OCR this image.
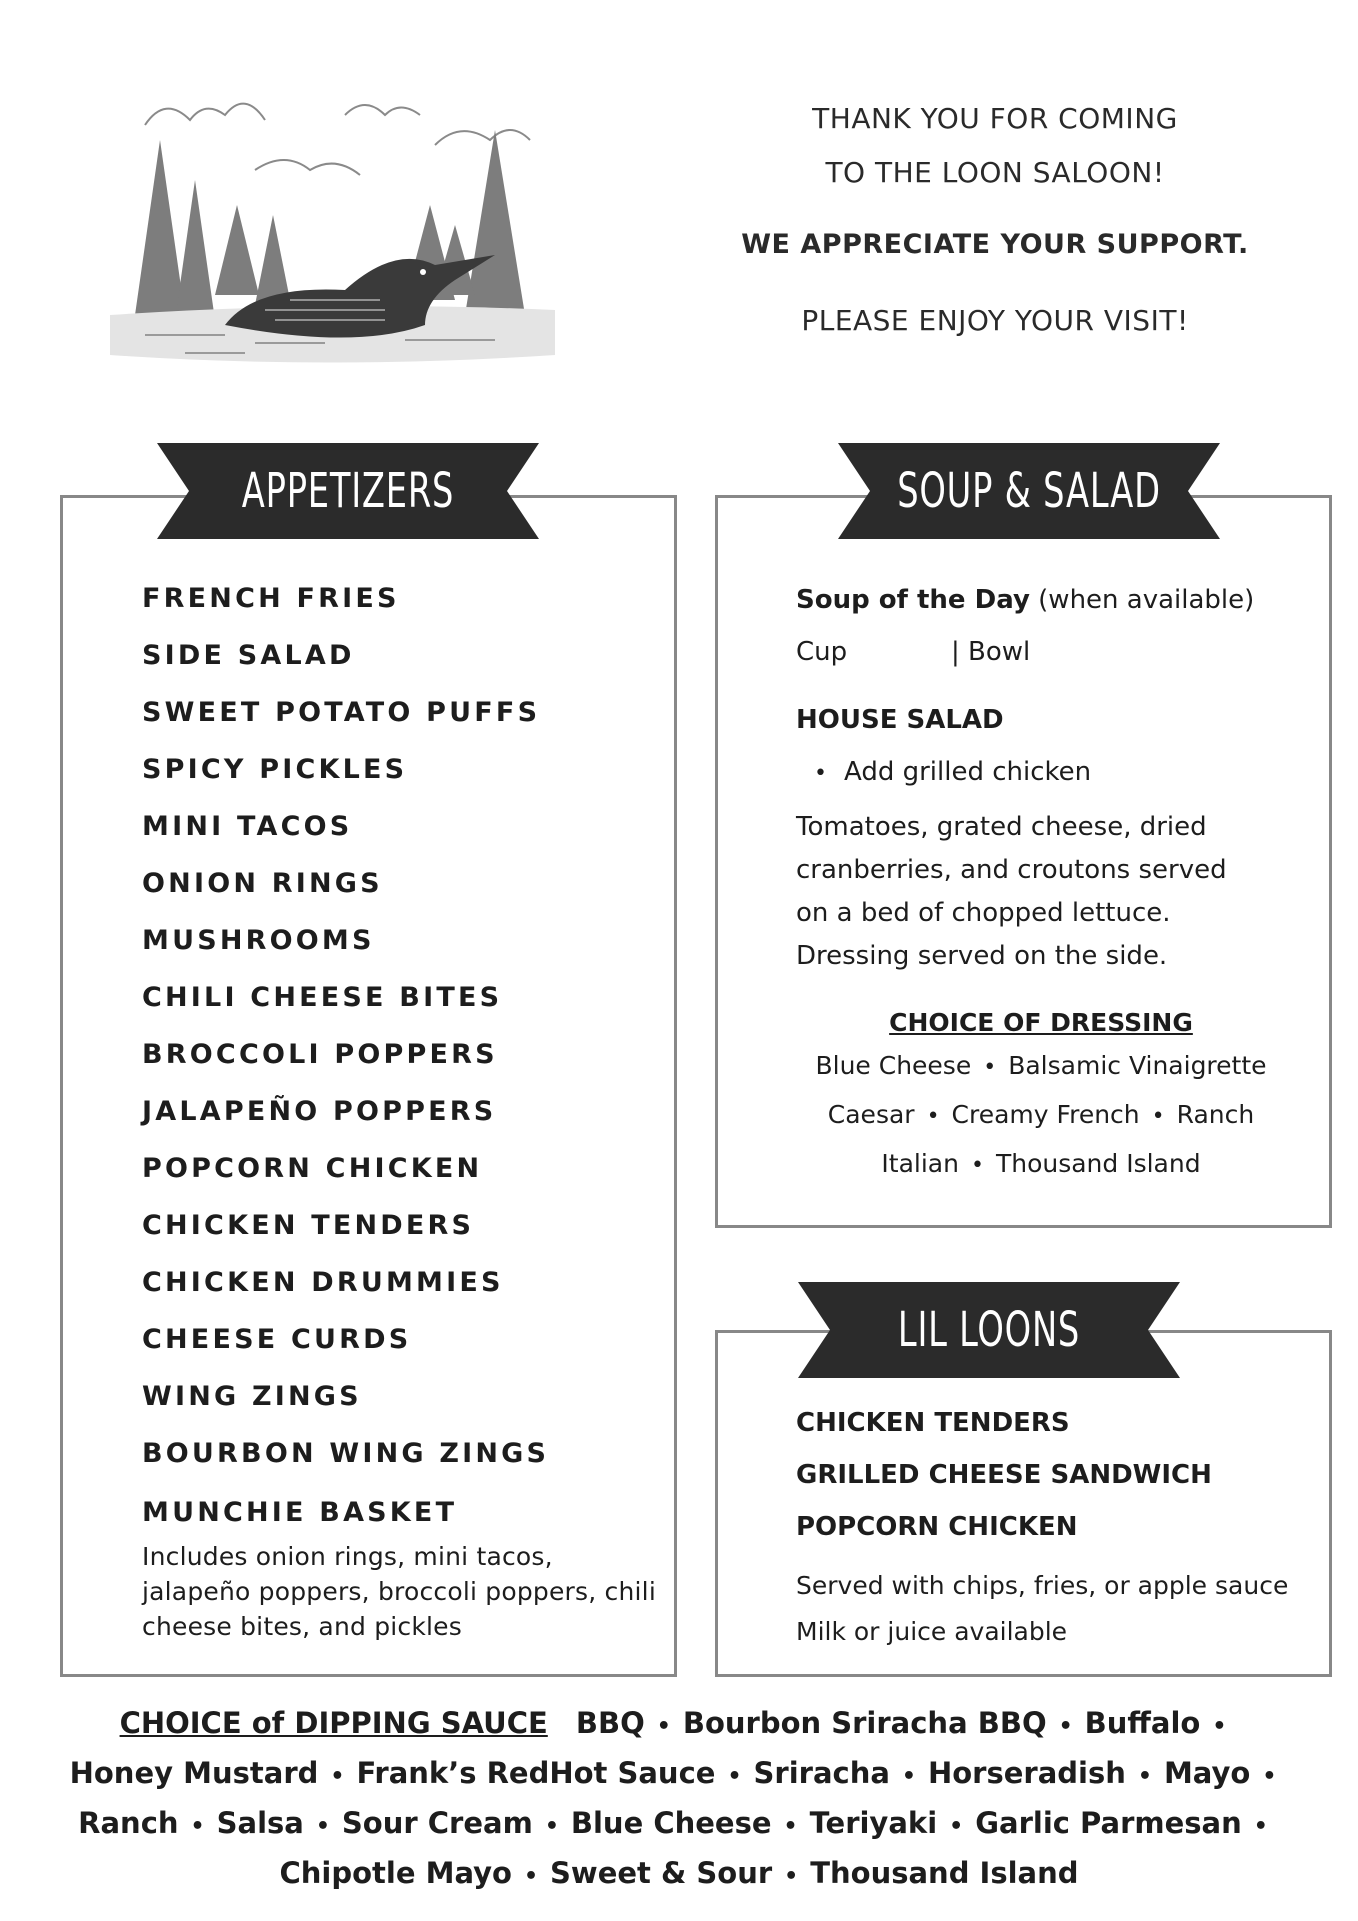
THANK YOU FOR COMING
TO THE LOON SALOON!
WE APPRECIATE YOUR SUPPORT.
PLEASE ENJOY YOUR VISIT!
APPETIZERS	SOUP & SALAD
LIL LOONS
FRENCH FRIES
SIDE SALAD
SWEET POTATO PUFFS
SPICY PICKLES
MINI TACOS
ONION RINGS
MUSHROOMS
CHILI CHEESE BITES
BROCCOLI POPPERS
JALAPEÑO POPPERS
POPCORN CHICKEN
CHICKEN TENDERS
CHICKEN DRUMMIES
CHEESE CURDS
WING ZINGS
BOURBON WING ZINGS
MUNCHIE BASKET
Includes onion rings, mini tacos, jalapeño poppers, broccoli poppers, chili cheese bites, and pickles
Soup of the Day (when available)
Cup	| Bowl
HOUSE SALAD
• Add grilled chicken
Tomatoes, grated cheese, dried
cranberries, and croutons served
on a bed of chopped lettuce.
Dressing served on the side.
CHOICE OF DRESSING
Blue Cheese • Balsamic Vinaigrette
Caesar • Creamy French • Ranch
Italian • Thousand Island
CHICKEN TENDERS
GRILLED CHEESE SANDWICH
POPCORN CHICKEN
Served with chips, fries, or apple sauce
Milk or juice available
CHOICE of DIPPING SAUCE BBQ • Bourbon Sriracha BBQ • Buffalo •
Honey Mustard • Frank’s RedHot Sauce • Sriracha • Horseradish • Mayo •
Ranch • Salsa • Sour Cream • Blue Cheese • Teriyaki • Garlic Parmesan •
Chipotle Mayo • Sweet & Sour • Thousand Island
